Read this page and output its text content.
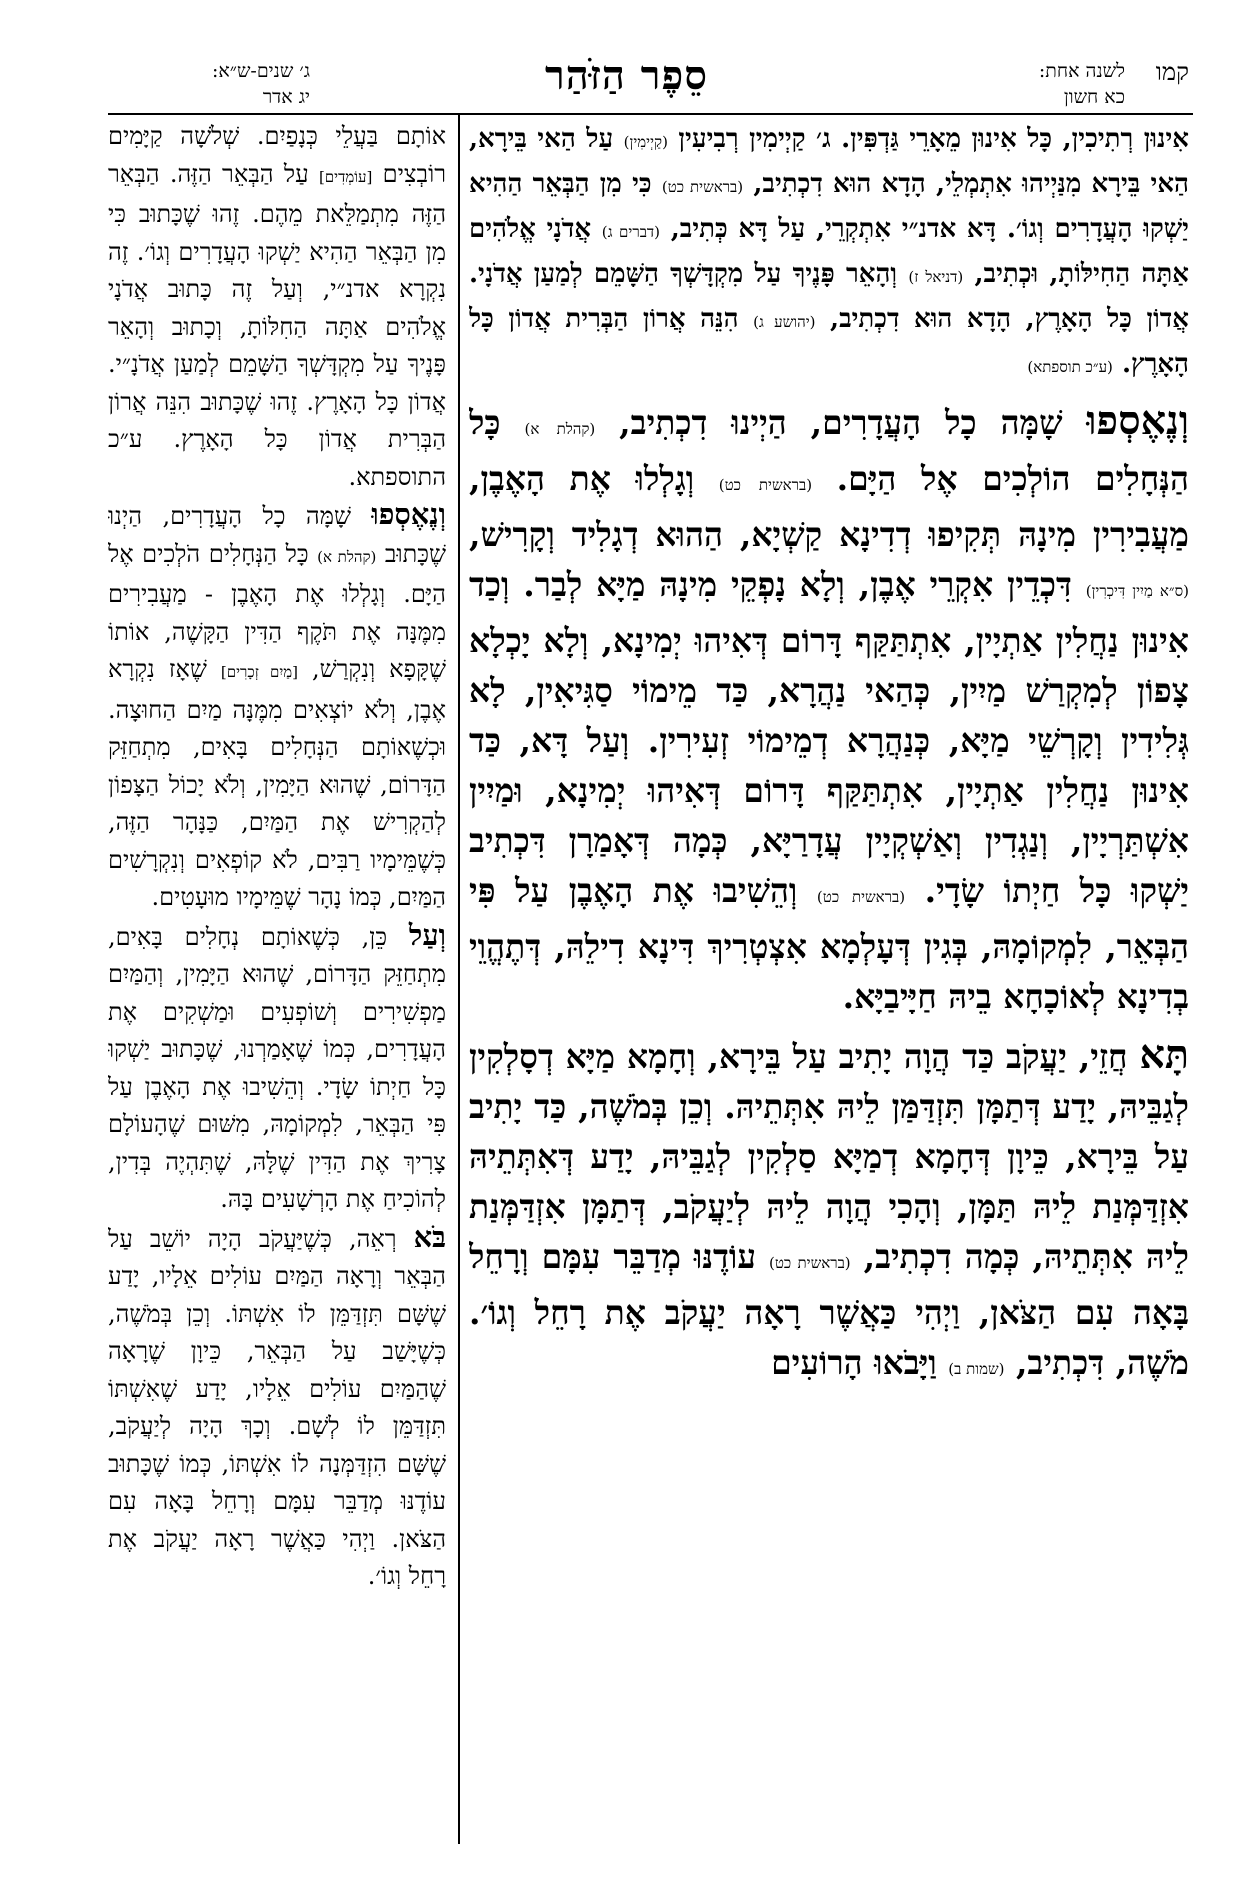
קמו
לשנה אחת:
כא חשון
סֵפֶר הַזּׂהַר
ג׳ שנים-ש״א:
יג אדר

אִינוּן רְתִיכִין, כָּל אִינוּן מֵאָרֵי גַּדְפִּין. ג׳ קַיְימִין רְבִיעִין (קַיְימִין) עַל הַאי בֵּירָא, הַאי בֵּירָא מִנַּיְיהוּ אִתְמְלֵי, הָדָא הוּא דִכְתִיב, (בראשית כט) כִּי מִן הַבְּאֵר הַהִיא יַשְׁקוּ הָעֲדָרִים וְגוֹ׳. דָּא אדנ״י אִתְקְרֵי, עַל דָּא כְּתִיב, (דברים ג) אֲדֹנָי אֱלֹהִים אַתָּה הַחִילּוֹתָ, וּכְתִיב, (דניאל ז) וְהָאֵר פָּנֶיךָ עַל מִקְדָּשְׁךָ הַשָּׁמֵם לְמַעַן אֲדֹנָי. אֲדוֹן כָּל הָאָרֶץ, הָדָא הוּא דִכְתִיב, (יהושע ג) הִנֵּה אֲרוֹן הַבְּרִית אֲדוֹן כָּל הָאָרֶץ. (ע״כ תוספתא)

וְנֶאֶסְפוּ שָׁמָּה כָל הָעֲדָרִים, הַיְינוּ דִכְתִיב, (קהלת א) כָּל הַנְּחָלִים הוֹלְכִים אֶל הַיָּם. (בראשית כט) וְגָלְלוּ אֶת הָאֶבֶן, מַעֲבִירִין מִינָהּ תְּקִיפוּ דְדִינָא קַשְׁיָא, הַהוּא דְגָלִיד וְקָרִישׁ, (ס״א מַיִין דִּיכְרִין) דִּכְדֵין אִקְרֵי אֶבֶן, וְלָא נָפְקֵי מִינָהּ מַיָּא לְבַר. וְכַד אִינוּן נַחֲלִין אַתְיָין, אִתְתַּקַּף דָּרוֹם דְּאִיהוּ יְמִינָא, וְלָא יָכְלָא צָפוֹן לְמִקְרַשׁ מַיִין, כְּהַאי נַהֲרָא, כַּד מֵימוֹי סַגִּיאִין, לָא גְּלִידִין וְקָרְשֵׁי מַיָּא, כְּנַהֲרָא דְמֵימוֹי זְעִירִין. וְעַל דָּא, כַּד אִינוּן נַחֲלִין אַתְיָין, אִתְתַּקַּף דָּרוֹם דְּאִיהוּ יְמִינָא, וּמַיִין אִשְׁתַּרְיָין, וְנַגְדִין וְאַשְׁקְיָין עֲדָרַיָּא, כְּמָה דְּאָמַרָן דִּכְתִיב יַשְׁקוּ כָּל חַיְתוֹ שָׂדָי. (בראשית כט) וְהֵשִׁיבוּ אֶת הָאֶבֶן עַל פִּי הַבְּאֵר, לִמְקוֹמָהּ, בְּגִין דְּעָלְמָא אִצְטְרִיךְ דִּינָא דִילֵהּ, דְּתֶהֱוֵי בְדִינָא לְאוֹכָחָא בֵיהּ חַיָּיבַיָּא.

תָּא חֲזֵי, יַעֲקֹב כַּד הֲוָה יָתִיב עַל בֵּירָא, וְחָמָא מַיָּא דְסָלְקִין לְגַבֵּיהּ, יָדַע דְּתַמָּן תִּזְדַּמַּן לֵיהּ אִתְּתֵיהּ. וְכֵן בְּמֹשֶׁה, כַּד יָתִיב עַל בֵּירָא, כֵּיוָן דְּחָמָא דְמַיָּא סַלְקִין לְגַבֵּיהּ, יָדַע דְּאִתְּתֵיהּ אִזְדַּמְּנַת לֵיהּ תַּמָּן, וְהָכִי הֲוָה לֵיהּ לְיַעֲקֹב, דְּתַמָּן אִזְדַּמְּנַת לֵיהּ אִתְּתֵיהּ, כְּמָה דִכְתִיב, (בראשית כט) עוֹדֶנּוּ מְדַבֵּר עִמָּם וְרָחֵל בָּאָה עִם הַצֹּאן, וַיְהִי כַּאֲשֶׁר רָאָה יַעֲקֹב אֶת רָחֵל וְגוֹ׳. מֹשֶׁה, דִּכְתִיב, (שמות ב) וַיָּבֹאוּ הָרוֹעִים

אוֹתָם בַּעֲלֵי כְּנָפַיִם. שְׁלֹשָׁה קַיָּמִים רוֹבְצִים [עוֹמְדִים] עַל הַבְּאֵר הַזֶּה. הַבְּאֵר הַזֶּה מִתְמַלֵּאת מֵהֶם. זֶהוּ שֶׁכָּתוּב כִּי מִן הַבְּאֵר הַהִיא יַשְׁקוּ הָעֲדָרִים וְגוֹ׳. זֶה נִקְרָא אדנ״י, וְעַל זֶה כָּתוּב אֲדֹנָי אֱלֹהִים אַתָּה הַחִלּוֹתָ, וְכָתוּב וְהָאֵר פָּנֶיךָ עַל מִקְדָּשְׁךָ הַשָּׁמֵם לְמַעַן אֲדֹנָ״י. אֲדוֹן כָּל הָאָרֶץ. זֶהוּ שֶׁכָּתוּב הִנֵּה אֲרוֹן הַבְּרִית אֲדוֹן כָּל הָאָרֶץ. ע״כ התוספתא.

וְנֶאֶסְפוּ שָׁמָּה כָל הָעֲדָרִים, הַיְנוּ שֶׁכָּתוּב (קהלת א) כָּל הַנְּחָלִים הֹלְכִים אֶל הַיָּם. וְגָלְלוּ אֶת הָאֶבֶן - מַעֲבִירִים מִמֶּנָּה אֶת תֹּקֶף הַדִּין הַקָּשֶׁה, אוֹתוֹ שֶׁקָּפָא וְנִקְרַשׁ, [מַיִם זְכָרִים] שֶׁאָז נִקְרָא אֶבֶן, וְלֹא יוֹצְאִים מִמֶּנָּה מַיִם הַחוּצָה. וּכְשֶׁאוֹתָם הַנְּחָלִים בָּאִים, מִתְחַזֵּק הַדָּרוֹם, שֶׁהוּא הַיָּמִין, וְלֹא יָכוֹל הַצָּפוֹן לְהַקְרִישׁ אֶת הַמַּיִם, כַּנָּהָר הַזֶּה, כְּשֶׁמֵּימָיו רַבִּים, לֹא קוֹפְאִים וְנִקְרָשִׁים הַמַּיִם, כְּמוֹ נָהָר שֶׁמֵּימָיו מוּעָטִים.

וְעַל כֵּן, כְּשֶׁאוֹתָם נְחָלִים בָּאִים, מִתְחַזֵּק הַדָּרוֹם, שֶׁהוּא הַיָּמִין, וְהַמַּיִם מַפְשִׁירִים וְשׁוֹפְעִים וּמַשְׁקִים אֶת הָעֲדָרִים, כְּמוֹ שֶׁאָמַרְנוּ, שֶׁכָּתוּב יַשְׁקוּ כָּל חַיְתוֹ שָׂדָי. וְהֵשִׁיבוּ אֶת הָאֶבֶן עַל פִּי הַבְּאֵר, לִמְקוֹמָהּ, מִשּׁוּם שֶׁהָעוֹלָם צָרִיךְ אֶת הַדִּין שֶׁלָּהּ, שֶׁתִּהְיֶה בְּדִין, לְהוֹכִיחַ אֶת הָרְשָׁעִים בָּהּ.

בֹּא רְאֵה, כְּשֶׁיַּעֲקֹב הָיָה יוֹשֵׁב עַל הַבְּאֵר וְרָאָה הַמַּיִם עוֹלִים אֵלָיו, יָדַע שֶׁשָּׁם תִּזְדַּמֵּן לוֹ אִשְׁתּוֹ. וְכֵן בְּמֹשֶׁה, כְּשֶׁיָּשַׁב עַל הַבְּאֵר, כֵּיוָן שֶׁרָאָה שֶׁהַמַּיִם עוֹלִים אֵלָיו, יָדַע שֶׁאִשְׁתּוֹ תִּזְדַּמֵּן לוֹ לְשָׁם. וְכָךְ הָיָה לְיַעֲקֹב, שֶׁשָּׁם הִזְדַּמְּנָה לוֹ אִשְׁתּוֹ, כְּמוֹ שֶׁכָּתוּב עוֹדֶנּוּ מְדַבֵּר עִמָּם וְרָחֵל בָּאָה עִם הַצֹּאן. וַיְהִי כַּאֲשֶׁר רָאָה יַעֲקֹב אֶת רָחֵל וְגוֹ׳.
